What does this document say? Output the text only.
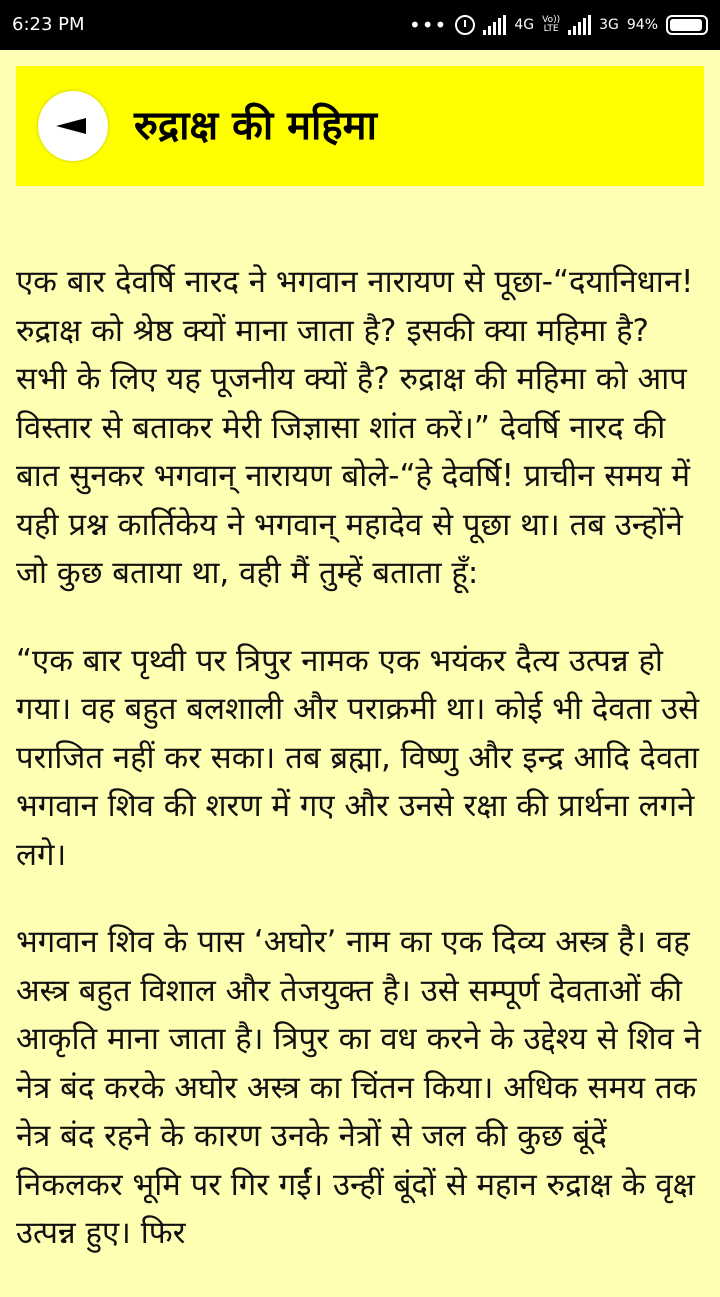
6:23 PM	•••	4G Vo))
LTE	3G 94%
रुद्राक्ष की महिमा

एक बार देवर्षि नारद ने भगवान नारायण से पूछा-“दयानिधान! रुद्राक्ष को श्रेष्ठ क्यों माना जाता है? इसकी क्या महिमा है? सभी के लिए यह पूजनीय क्यों है? रुद्राक्ष की महिमा को आप विस्तार से बताकर मेरी जिज्ञासा शांत करें।” देवर्षि नारद की बात सुनकर भगवान् नारायण बोले-“हे देवर्षि! प्राचीन समय में यही प्रश्न कार्तिकेय ने भगवान् महादेव से पूछा था। तब उन्होंने जो कुछ बताया था, वही मैं तुम्हें बताता हूँ:

“एक बार पृथ्वी पर त्रिपुर नामक एक भयंकर दैत्य उत्पन्न हो गया। वह बहुत बलशाली और पराक्रमी था। कोई भी देवता उसे पराजित नहीं कर सका। तब ब्रह्मा, विष्णु और इन्द्र आदि देवता भगवान शिव की शरण में गए और उनसे रक्षा की प्रार्थना लगने लगे।

भगवान शिव के पास ‘अघोर’ नाम का एक दिव्य अस्त्र है। वह अस्त्र बहुत विशाल और तेजयुक्त है। उसे सम्पूर्ण देवताओं की आकृति माना जाता है। त्रिपुर का वध करने के उद्देश्य से शिव ने नेत्र बंद करके अघोर अस्त्र का चिंतन किया। अधिक समय तक नेत्र बंद रहने के कारण उनके नेत्रों से जल की कुछ बूंदें निकलकर भूमि पर गिर गईं। उन्हीं बूंदों से महान रुद्राक्ष के वृक्ष उत्पन्न हुए। फिर
